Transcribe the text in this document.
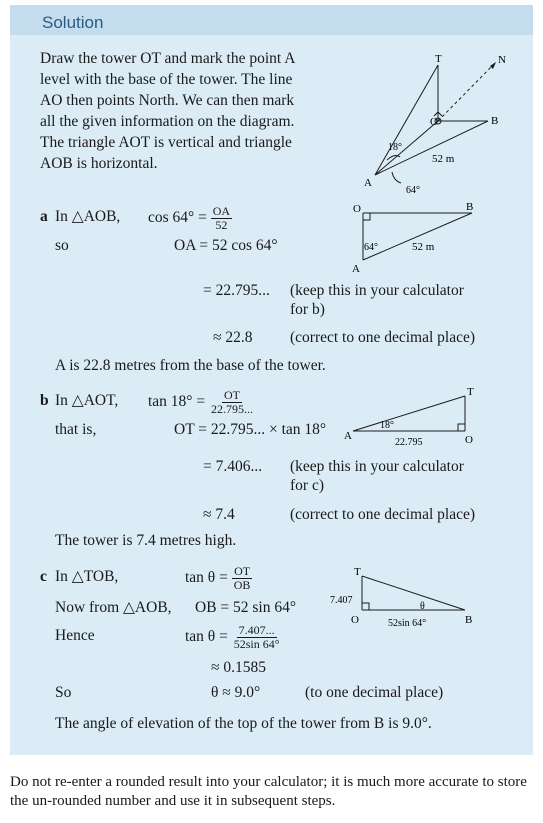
Solution
Draw the tower OT and mark the point A
level with the base of the tower. The line
AO then points North. We can then mark
all the given information on the diagram.
The triangle AOT is vertical and triangle
AOB is horizontal.
T	N
O	B
A
18°
64°
52 m
a In △AOB, $\cos 64^\circ = \frac{OA}{52}$
so	OA = 52 cos 64°
= 22.795... (keep this in your calculator
for b)
≈ 22.8 (correct to one decimal place)
A is 22.8 metres from the base of the tower.
O	B
A
64°	52 m
b In △AOT, $\tan 18^\circ = \frac{OT}{22.795...}$
that is,	OT = 22.795... × tan 18°
= 7.406... (keep this in your calculator
for c)
≈ 7.4	(correct to one decimal place)
The tower is 7.4 metres high.
A
T
O
18°
22.795
c In △TOB,	$\tan \theta = \frac{OT}{OB}$
Now from △AOB, OB = 52 sin 64°
Hence	$\tan \theta = \frac{7.407...}{52\sin 64^\circ}$
≈ 0.1585
So	θ ≈ 9.0°	(to one decimal place)
The angle of elevation of the top of the tower from B is 9.0°.
T
O	B
7.407
θ
52sin 64°
Do not re-enter a rounded result into your calculator; it is much more accurate to store the un-rounded number and use it in subsequent steps.
